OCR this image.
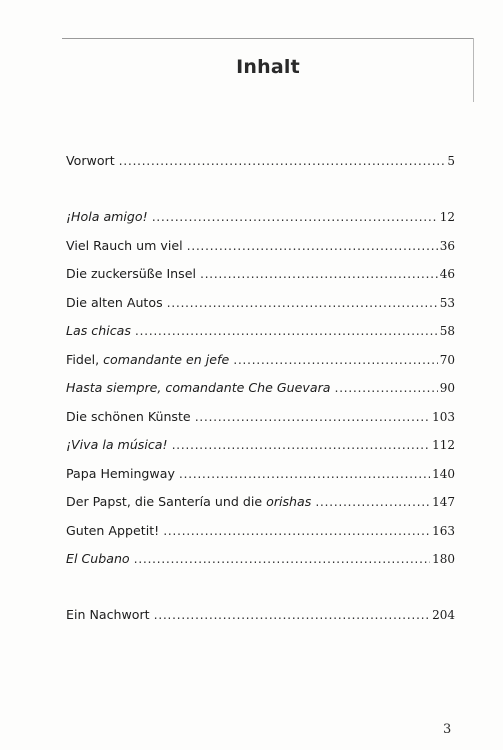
Inhalt
Vorwort .....	5
¡Hola amigo! .....	12
Viel Rauch um viel .....	36
Die zuckersüße Insel .....	46
Die alten Autos .....	53
Las chicas .....	58
Fidel, comandante en jefe .....	70
Hasta siempre, comandante Che Guevara .....	90
Die schönen Künste .....	103
¡Viva la música! .....	112
Papa Hemingway .....	140
Der Papst, die Santería und die orishas .....	147
Guten Appetit! .....	163
El Cubano .....	180
Ein Nachwort .....	204
3
